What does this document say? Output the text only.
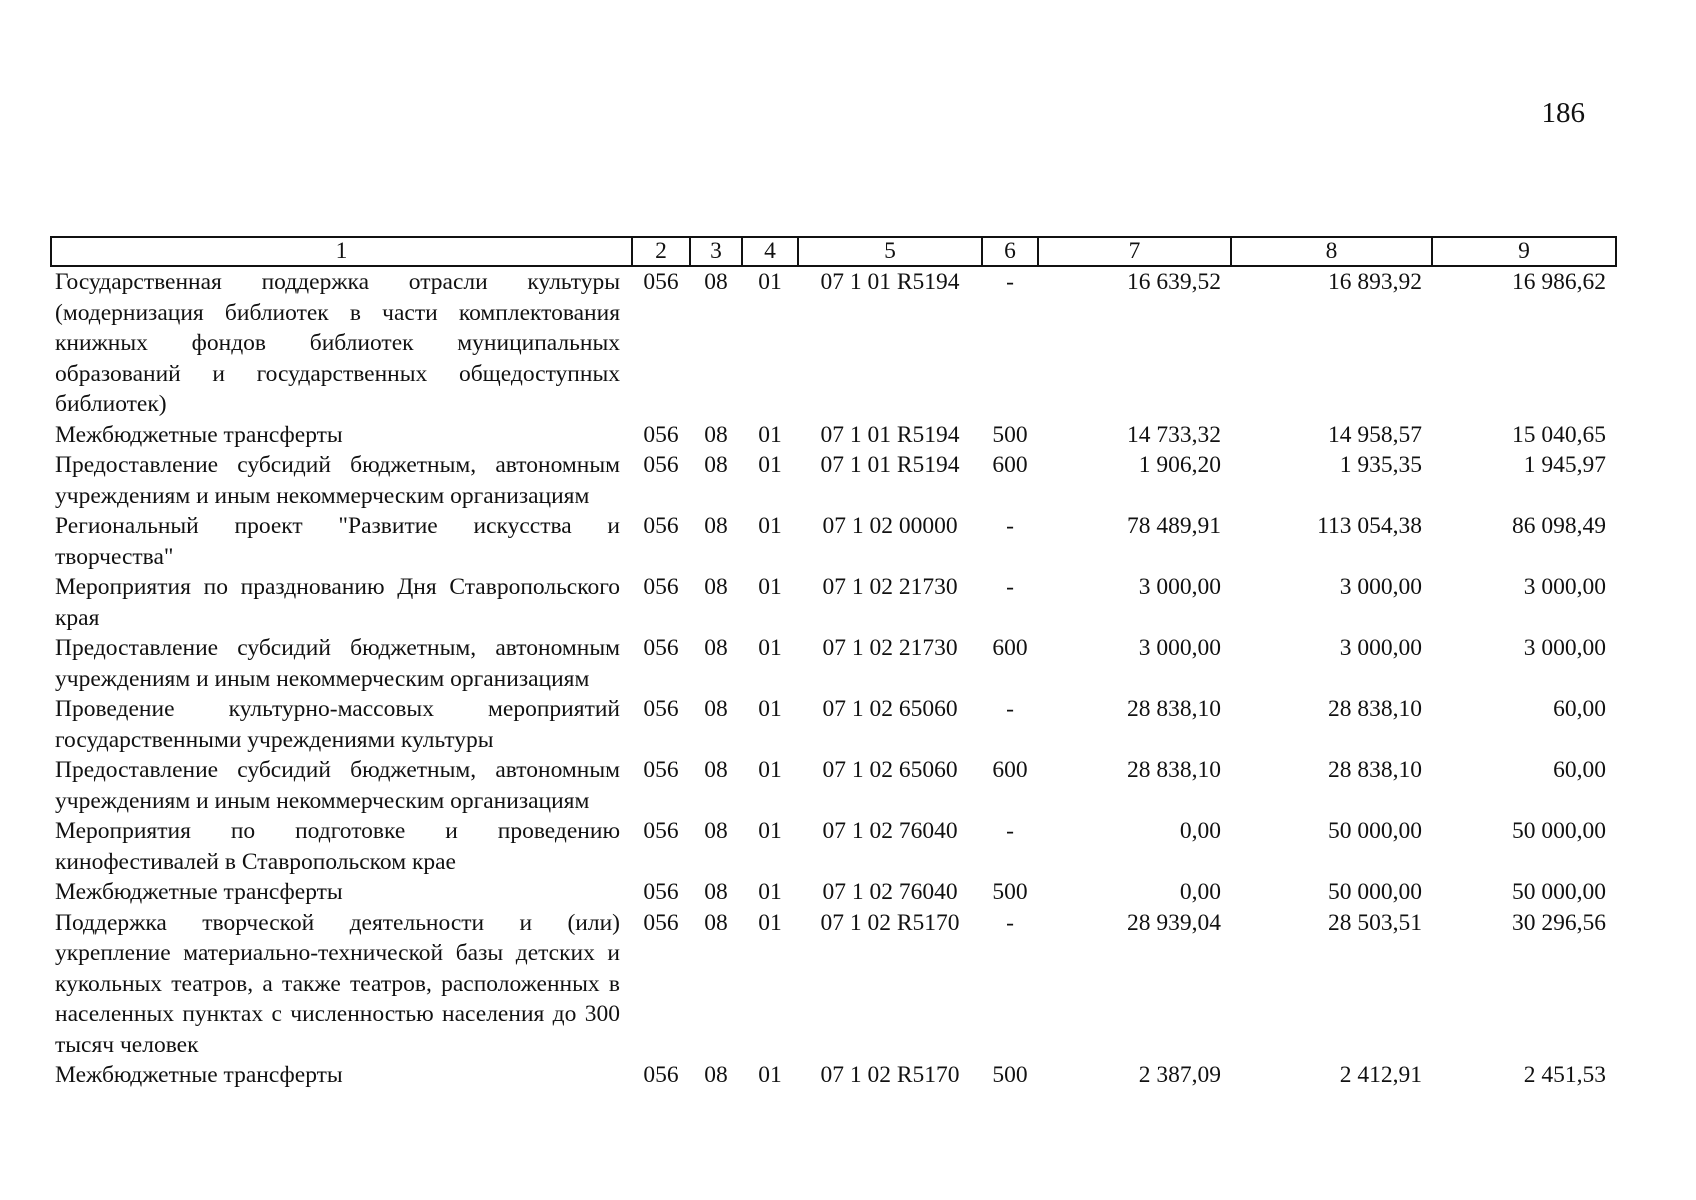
186
1	2	3	4	5	6	7	8	9
Государственная поддержка отрасли культуры (модернизация библиотек в части комплектования книжных фондов библиотек муниципальных образований и государственных общедоступных библиотек)	056	08	01	07 1 01 R5194	-	16 639,52	16 893,92	16 986,62
Межбюджетные трансферты	056	08	01	07 1 01 R5194	500	14 733,32	14 958,57	15 040,65
Предоставление субсидий бюджетным, автономным учреждениям и иным некоммерческим организациям	056	08	01	07 1 01 R5194	600	1 906,20	1 935,35	1 945,97
Региональный проект "Развитие искусства и творчества"	056	08	01	07 1 02 00000	-	78 489,91	113 054,38	86 098,49
Мероприятия по празднованию Дня Ставропольского края	056	08	01	07 1 02 21730	-	3 000,00	3 000,00	3 000,00
Предоставление субсидий бюджетным, автономным учреждениям и иным некоммерческим организациям	056	08	01	07 1 02 21730	600	3 000,00	3 000,00	3 000,00
Проведение культурно-массовых мероприятий государственными учреждениями культуры	056	08	01	07 1 02 65060	-	28 838,10	28 838,10	60,00
Предоставление субсидий бюджетным, автономным учреждениям и иным некоммерческим организациям	056	08	01	07 1 02 65060	600	28 838,10	28 838,10	60,00
Мероприятия по подготовке и проведению кинофестивалей в Ставропольском крае	056	08	01	07 1 02 76040	-	0,00	50 000,00	50 000,00
Межбюджетные трансферты	056	08	01	07 1 02 76040	500	0,00	50 000,00	50 000,00
Поддержка творческой деятельности и (или) укрепление материально-технической базы детских и кукольных театров, а также театров, расположенных в населенных пунктах с численностью населения до 300 тысяч человек	056	08	01	07 1 02 R5170	-	28 939,04	28 503,51	30 296,56
Межбюджетные трансферты	056	08	01	07 1 02 R5170	500	2 387,09	2 412,91	2 451,53
